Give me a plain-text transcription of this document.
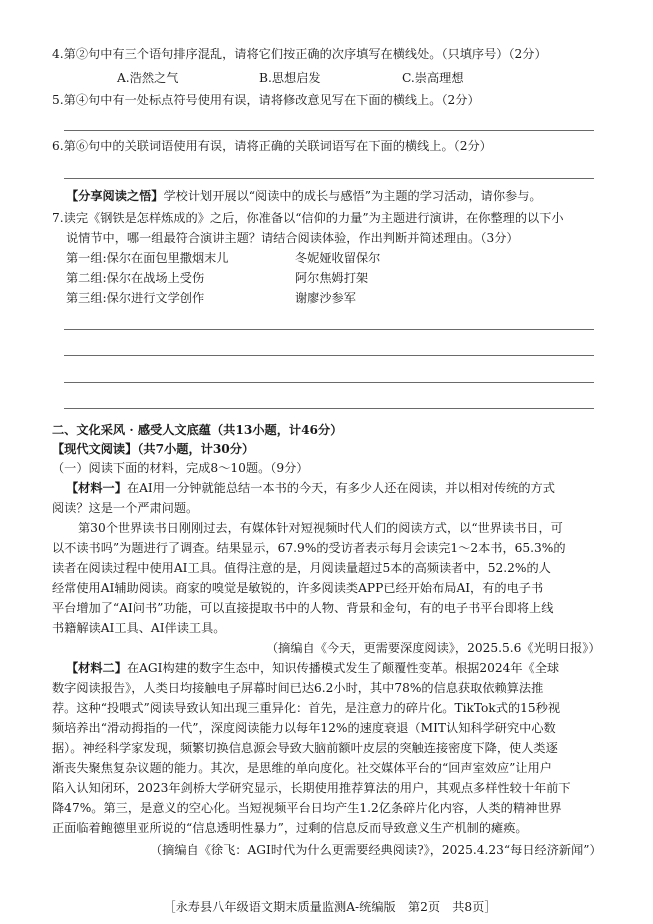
4.第②句中有三个语句排序混乱，请将它们按正确的次序填写在横线处。（只填序号）（2分）
A.浩然之气	B.思想启发	C.崇高理想
5.第④句中有一处标点符号使用有误，请将修改意见写在下面的横线上。（2分）
6.第⑥句中的关联词语使用有误，请将正确的关联词语写在下面的横线上。（2分）
【分享阅读之悟】学校计划开展以“阅读中的成长与感悟”为主题的学习活动，请你参与。
7.读完《钢铁是怎样炼成的》之后，你准备以“信仰的力量”为主题进行演讲，在你整理的以下小
说情节中，哪一组最符合演讲主题？请结合阅读体验，作出判断并简述理由。（3分）
第一组:保尔在面包里撒烟末儿	冬妮娅收留保尔
第二组:保尔在战场上受伤	阿尔焦姆打架
第三组:保尔进行文学创作	谢廖沙参军
二、文化采风 · 感受人文底蕴（共13小题，计46分）
【现代文阅读】（共7小题，计30分）
（一）阅读下面的材料，完成8～10题。（9分）
【材料一】在AI用一分钟就能总结一本书的今天，有多少人还在阅读，并以相对传统的方式
阅读？这是一个严肃问题。
第30个世界读书日刚刚过去，有媒体针对短视频时代人们的阅读方式，以“世界读书日，可
以不读书吗”为题进行了调查。结果显示，67.9%的受访者表示每月会读完1～2本书，65.3%的
读者在阅读过程中使用AI工具。值得注意的是，月阅读量超过5本的高频读者中，52.2%的人
经常使用AI辅助阅读。商家的嗅觉是敏锐的，许多阅读类APP已经开始布局AI，有的电子书
平台增加了“AI问书”功能，可以直接提取书中的人物、背景和金句，有的电子书平台即将上线
书籍解读AI工具、AI伴读工具。
（摘编自《今天，更需要深度阅读》，2025.5.6《光明日报》）
【材料二】在AGI构建的数字生态中，知识传播模式发生了颠覆性变革。根据2024年《全球
数字阅读报告》，人类日均接触电子屏幕时间已达6.2小时，其中78%的信息获取依赖算法推
荐。这种“投喂式”阅读导致认知出现三重异化：首先，是注意力的碎片化。TikTok式的15秒视
频培养出“滑动拇指的一代”，深度阅读能力以每年12%的速度衰退（MIT认知科学研究中心数
据）。神经科学家发现，频繁切换信息源会导致大脑前额叶皮层的突触连接密度下降，使人类逐
渐丧失聚焦复杂议题的能力。其次，是思维的单向度化。社交媒体平台的“回声室效应”让用户
陷入认知闭环，2023年剑桥大学研究显示，长期使用推荐算法的用户，其观点多样性较十年前下
降47%。第三，是意义的空心化。当短视频平台日均产生1.2亿条碎片化内容，人类的精神世界
正面临着鲍德里亚所说的“信息透明性暴力”，过剩的信息反而导致意义生产机制的瘫痪。
（摘编自《徐飞：AGI时代为什么更需要经典阅读?》，2025.4.23“每日经济新闻”）
［永寿县八年级语文期末质量监测A-统编版　第2页　共8页］
